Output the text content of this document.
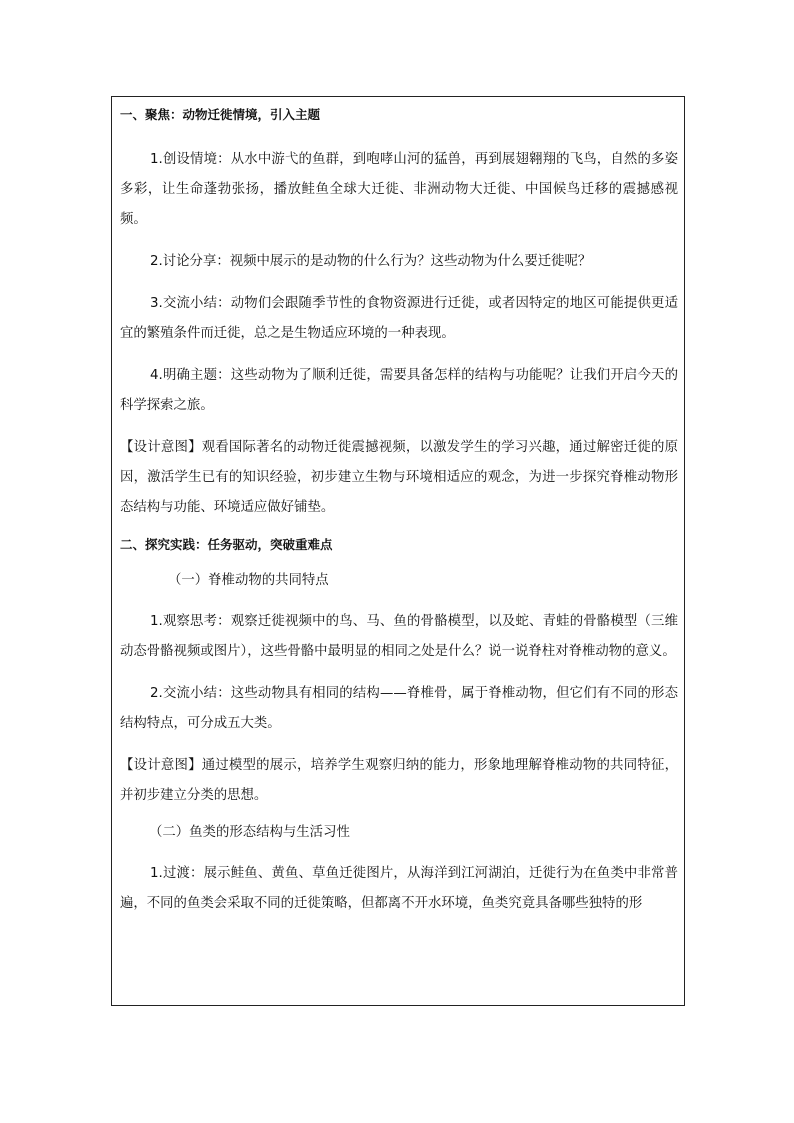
一、聚焦：动物迁徙情境，引入主题

1.创设情境：从水中游弋的鱼群，到咆哮山河的猛兽，再到展翅翱翔的飞鸟，自然的多姿多彩，让生命蓬勃张扬，播放鲑鱼全球大迁徙、非洲动物大迁徙、中国候鸟迁移的震撼感视频。

2.讨论分享：视频中展示的是动物的什么行为？这些动物为什么要迁徙呢？

3.交流小结：动物们会跟随季节性的食物资源进行迁徙，或者因特定的地区可能提供更适宜的繁殖条件而迁徙，总之是生物适应环境的一种表现。

4.明确主题：这些动物为了顺利迁徙，需要具备怎样的结构与功能呢？让我们开启今天的科学探索之旅。

【设计意图】观看国际著名的动物迁徙震撼视频，以激发学生的学习兴趣，通过解密迁徙的原因，激活学生已有的知识经验，初步建立生物与环境相适应的观念，为进一步探究脊椎动物形态结构与功能、环境适应做好铺垫。

二、探究实践：任务驱动，突破重难点

（一）脊椎动物的共同特点

1.观察思考：观察迁徙视频中的鸟、马、鱼的骨骼模型，以及蛇、青蛙的骨骼模型（三维动态骨骼视频或图片），这些骨骼中最明显的相同之处是什么？说一说脊柱对脊椎动物的意义。

2.交流小结：这些动物具有相同的结构——脊椎骨，属于脊椎动物，但它们有不同的形态结构特点，可分成五大类。

【设计意图】通过模型的展示，培养学生观察归纳的能力，形象地理解脊椎动物的共同特征，并初步建立分类的思想。

（二）鱼类的形态结构与生活习性

1.过渡：展示鲑鱼、黄鱼、草鱼迁徙图片，从海洋到江河湖泊，迁徙行为在鱼类中非常普遍，不同的鱼类会采取不同的迁徙策略，但都离不开水环境，鱼类究竟具备哪些独特的形
